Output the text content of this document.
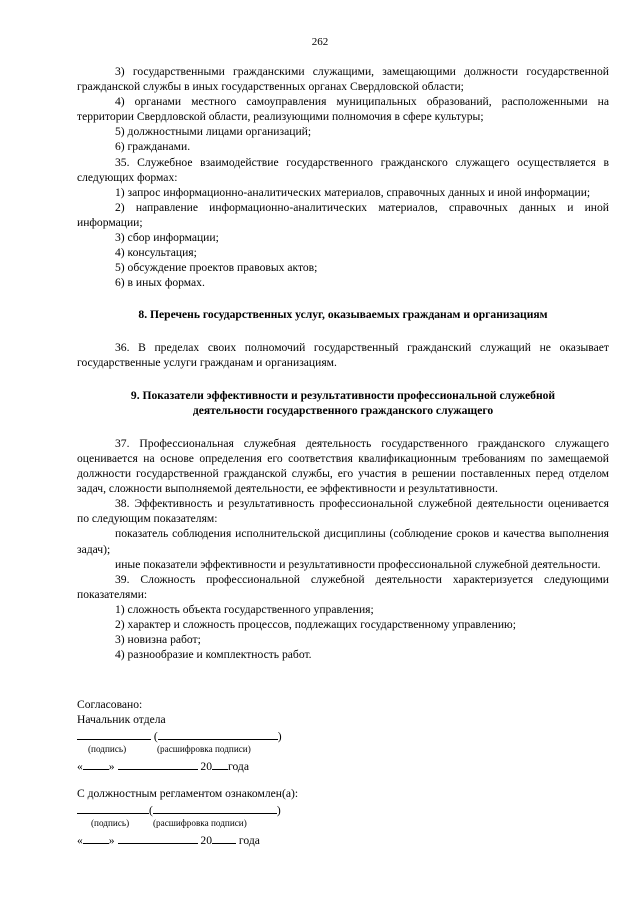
262

3) государственными гражданскими служащими, замещающими должности государственной гражданской службы в иных государственных органах Свердловской области;

4) органами местного самоуправления муниципальных образований, расположенными на территории Свердловской области, реализующими полномочия в сфере культуры;

5) должностными лицами организаций;

6) гражданами.

35. Служебное взаимодействие государственного гражданского служащего осуществляется в следующих формах:

1) запрос информационно-аналитических материалов, справочных данных и иной информации;

2) направление информационно-аналитических материалов, справочных данных и иной информации;

3) сбор информации;

4) консультация;

5) обсуждение проектов правовых актов;

6) в иных формах.

8. Перечень государственных услуг, оказываемых гражданам и организациям

36. В пределах своих полномочий государственный гражданский служащий не оказывает государственные услуги гражданам и организациям.

9. Показатели эффективности и результативности профессиональной служебной
деятельности государственного гражданского служащего

37. Профессиональная служебная деятельность государственного гражданского служащего оценивается на основе определения его соответствия квалификационным требованиям по замещаемой должности государственной гражданской службы, его участия в решении поставленных перед отделом задач, сложности выполняемой деятельности, ее эффективности и результативности.

38. Эффективность и результативность профессиональной служебной деятельности оценивается по следующим показателям:

показатель соблюдения исполнительской дисциплины (соблюдение сроков и качества выполнения задач);

иные показатели эффективности и результативности профессиональной служебной деятельности.

39. Сложность профессиональной служебной деятельности характеризуется следующими показателями:

1) сложность объекта государственного управления;

2) характер и сложность процессов, подлежащих государственному управлению;

3) новизна работ;

4) разнообразие и комплектность работ.

Согласовано:

Начальник отдела

(	)
(подпись)	(расшифровка подписи)
« »	20 года

С должностным регламентом ознакомлен(а):

(	)
(подпись)	(расшифровка подписи)
« »	20 года
